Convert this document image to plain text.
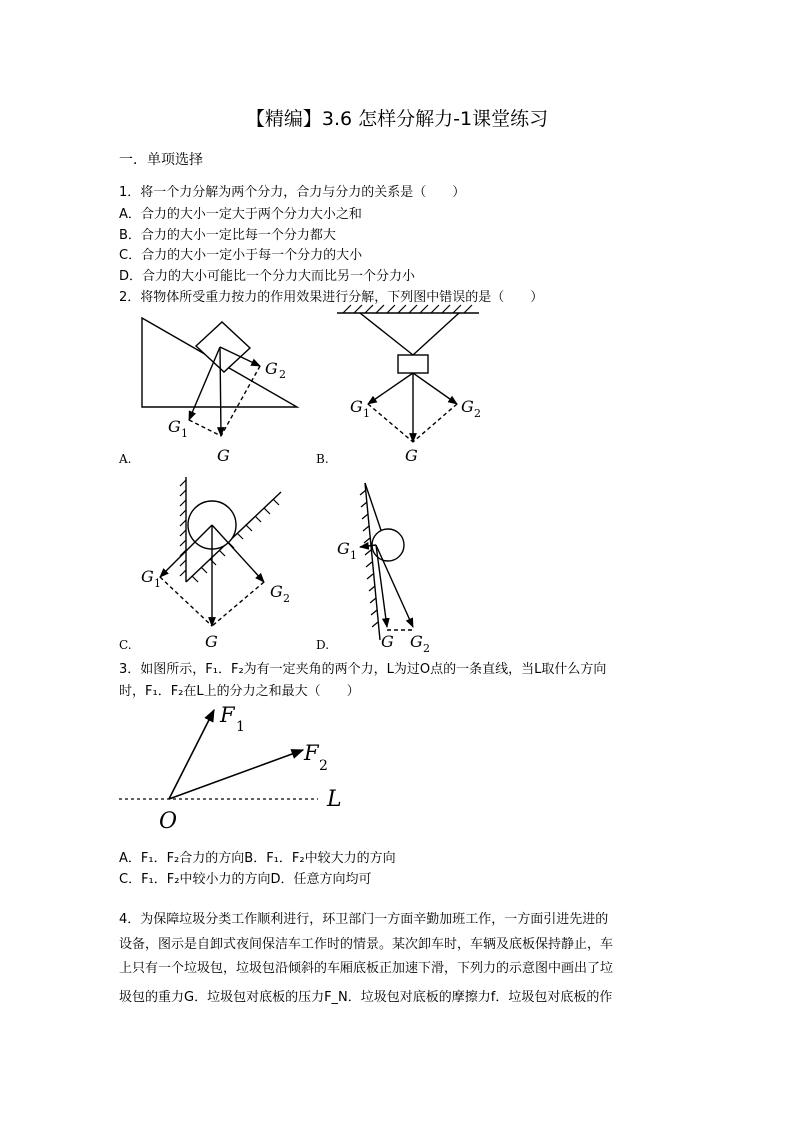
【精编】3.6 怎样分解力-1课堂练习
一．单项选择
1．将一个力分解为两个分力，合力与分力的关系是（　　）
A．合力的大小一定大于两个分力大小之和
B．合力的大小一定比每一个分力都大
C．合力的大小一定小于每一个分力的大小
D．合力的大小可能比一个分力大而比另一个分力小
2．将物体所受重力按力的作用效果进行分解，下列图中错误的是（　　）
G 2
G 1
G
A.
G 1	G 2
G
B.
G 1	G 2
G
C.
G 1
G G 2
D.
3．如图所示，F₁．F₂为有一定夹角的两个力，L为过O点的一条直线，当L取什么方向
时，F₁．F₂在L上的分力之和最大（　　）
F 1
F
2
L
O
A．F₁．F₂合力的方向B．F₁．F₂中较大力的方向
C．F₁．F₂中较小力的方向D．任意方向均可
4．为保障垃圾分类工作顺利进行，环卫部门一方面辛勤加班工作，一方面引进先进的
设备，图示是自卸式夜间保洁车工作时的情景。某次卸车时，车辆及底板保持静止，车
上只有一个垃圾包，垃圾包沿倾斜的车厢底板正加速下滑，下列力的示意图中画出了垃
圾包的重力G．垃圾包对底板的压力F_N．垃圾包对底板的摩擦力f．垃圾包对底板的作
